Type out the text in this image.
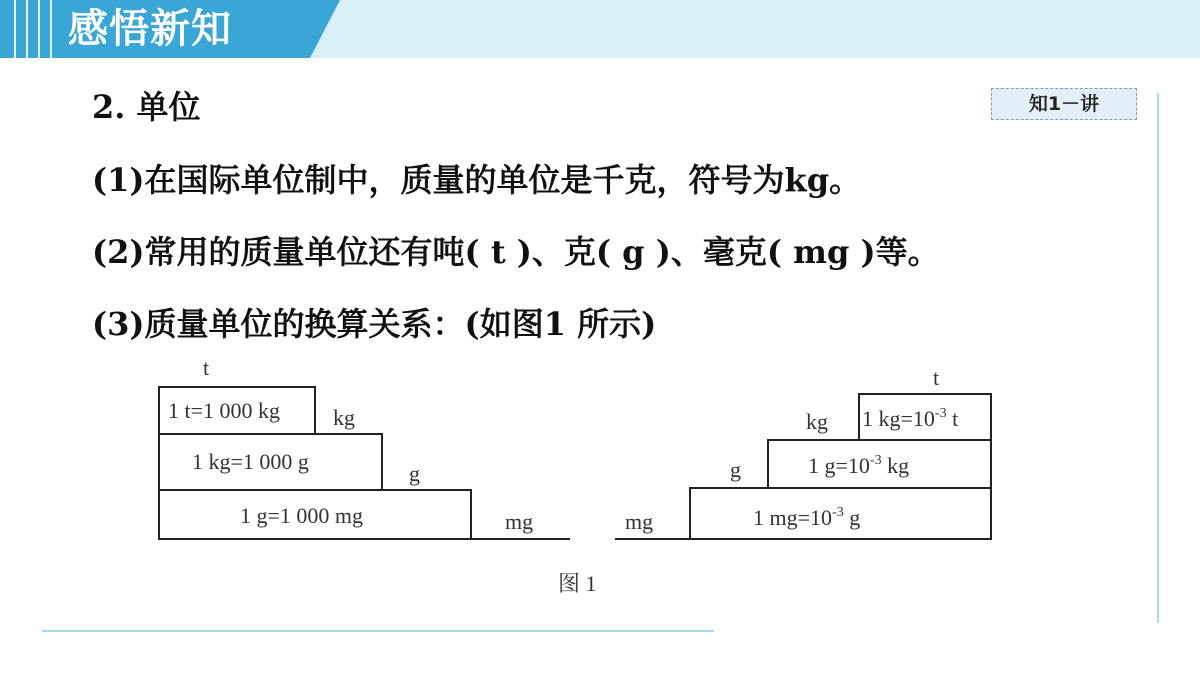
感悟新知
知1－讲

2. 单位

(1)在国际单位制中，质量的单位是千克，符号为kg。

(2)常用的质量单位还有吨( t )、克( g )、毫克( mg )等。

(3)质量单位的换算关系：(如图1 所示)

t
kg
g
mg
1 t=1 000 kg
1 kg=1 000 g
1 g=1 000 mg
t
kg
g
mg
1 $kg=10^{-3}$ t
1 $g=10^{-3}$ kg
1 $mg=10^{-3}$ g
图 1
